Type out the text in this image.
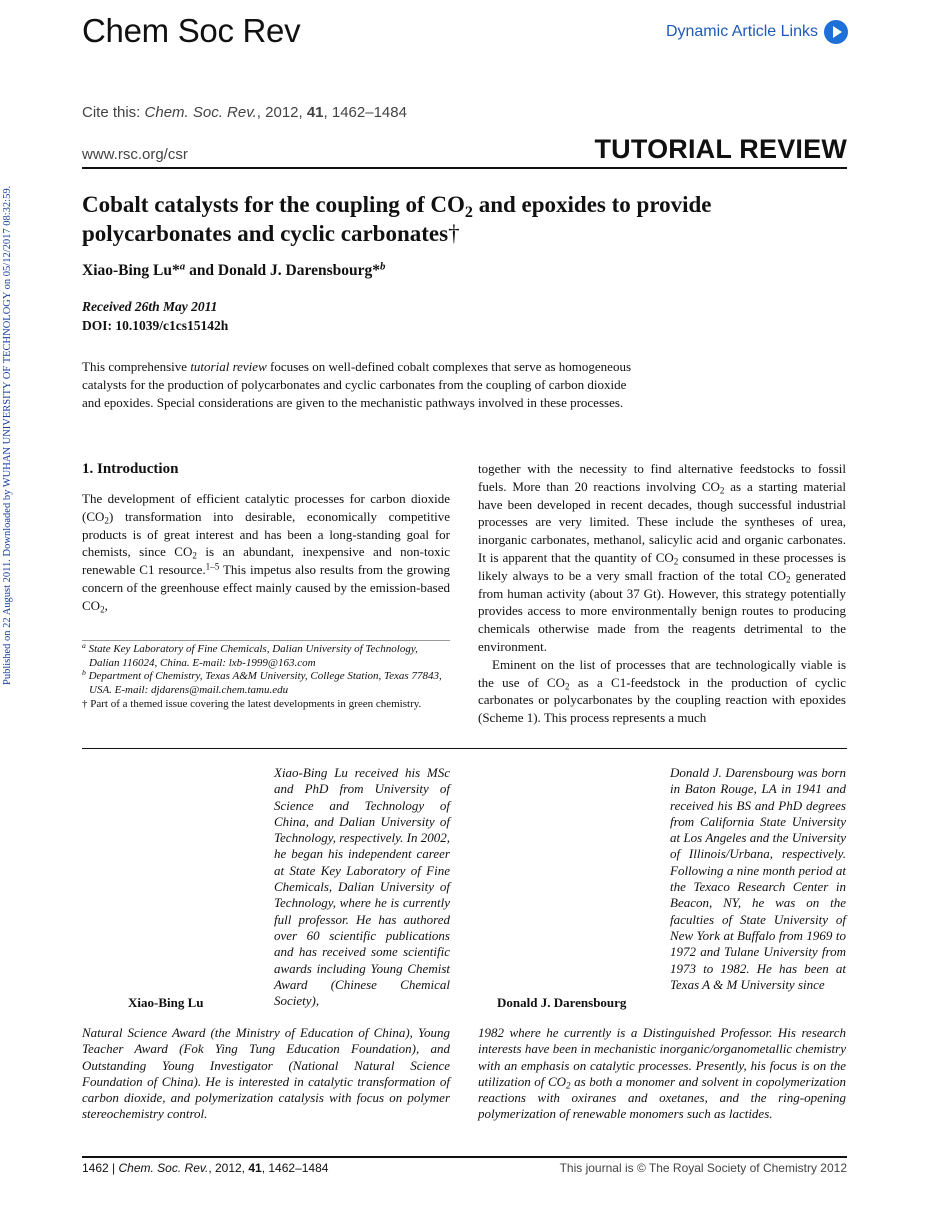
Published on 22 August 2011. Downloaded by WUHAN UNIVERSITY OF TECHNOLOGY on 05/12/2017 08:32:59.
Chem Soc Rev	Dynamic Article Links
Cite this: Chem. Soc. Rev., 2012, 41, 1462–1484
www.rsc.org/csr	TUTORIAL REVIEW
Cobalt catalysts for the coupling of $CO_2$ and epoxides to provide polycarbonates and cyclic carbonates†
Xiao-Bing Lu*$^a$ and Donald J. Darensbourg*$^b$
Received 26th May 2011
DOI: 10.1039/c1cs15142h
This comprehensive tutorial review focuses on well-defined cobalt complexes that serve as homogeneous catalysts for the production of polycarbonates and cyclic carbonates from the coupling of carbon dioxide and epoxides. Special considerations are given to the mechanistic pathways involved in these processes.
1. Introduction
The development of efficient catalytic processes for carbon dioxide $(CO_2)$ transformation into desirable, economically competitive products is of great interest and has been a long-standing goal for chemists, since $CO_2$ is an abundant, inexpensive and non-toxic renewable C1 resource.$^{1-5}$ This impetus also results from the growing concern of the greenhouse effect mainly caused by the emission-based $CO_2$,
$^a$ State Key Laboratory of Fine Chemicals, Dalian University of Technology, Dalian 116024, China. E-mail: lxb-1999@163.com
$^b$ Department of Chemistry, Texas A&M University, College Station, Texas 77843, USA. E-mail: djdarens@mail.chem.tamu.edu
† Part of a themed issue covering the latest developments in green chemistry.

together with the necessity to find alternative feedstocks to fossil fuels. More than 20 reactions involving $CO_2$ as a starting material have been developed in recent decades, though successful industrial processes are very limited. These include the syntheses of urea, inorganic carbonates, methanol, salicylic acid and organic carbonates. It is apparent that the quantity of $CO_2$ consumed in these processes is likely always to be a very small fraction of the total $CO_2$ generated from human activity (about 37 Gt). However, this strategy potentially provides access to more environmentally benign routes to producing chemicals otherwise made from the reagents detrimental to the environment.

Eminent on the list of processes that are technologically viable is the use of $CO_2$ as a C1-feedstock in the production of cyclic carbonates or polycarbonates by the coupling reaction with epoxides (Scheme 1). This process represents a much

Xiao-Bing Lu
Xiao-Bing Lu received his MSc and PhD from University of Science and Technology of China, and Dalian University of Technology, respectively. In 2002, he began his independent career at State Key Laboratory of Fine Chemicals, Dalian University of Technology, where he is currently full professor. He has authored over 60 scientific publications and has received some scientific awards including Young Chemist Award (Chinese Chemical Society),
Natural Science Award (the Ministry of Education of China), Young Teacher Award (Fok Ying Tung Education Foundation), and Outstanding Young Investigator (National Natural Science Foundation of China). He is interested in catalytic transformation of carbon dioxide, and polymerization catalysis with focus on polymer stereochemistry control.
Donald J. Darensbourg
Donald J. Darensbourg was born in Baton Rouge, LA in 1941 and received his BS and PhD degrees from California State University at Los Angeles and the University of Illinois/Urbana, respectively. Following a nine month period at the Texaco Research Center in Beacon, NY, he was on the faculties of State University of New York at Buffalo from 1969 to 1972 and Tulane University from 1973 to 1982. He has been at Texas A & M University since
1982 where he currently is a Distinguished Professor. His research interests have been in mechanistic inorganic/organometallic chemistry with an emphasis on catalytic processes. Presently, his focus is on the utilization of $CO_2$ as both a monomer and solvent in copolymerization reactions with oxiranes and oxetanes, and the ring-opening polymerization of renewable monomers such as lactides.
1462 | Chem. Soc. Rev., 2012, 41, 1462–1484	This journal is © The Royal Society of Chemistry 2012
